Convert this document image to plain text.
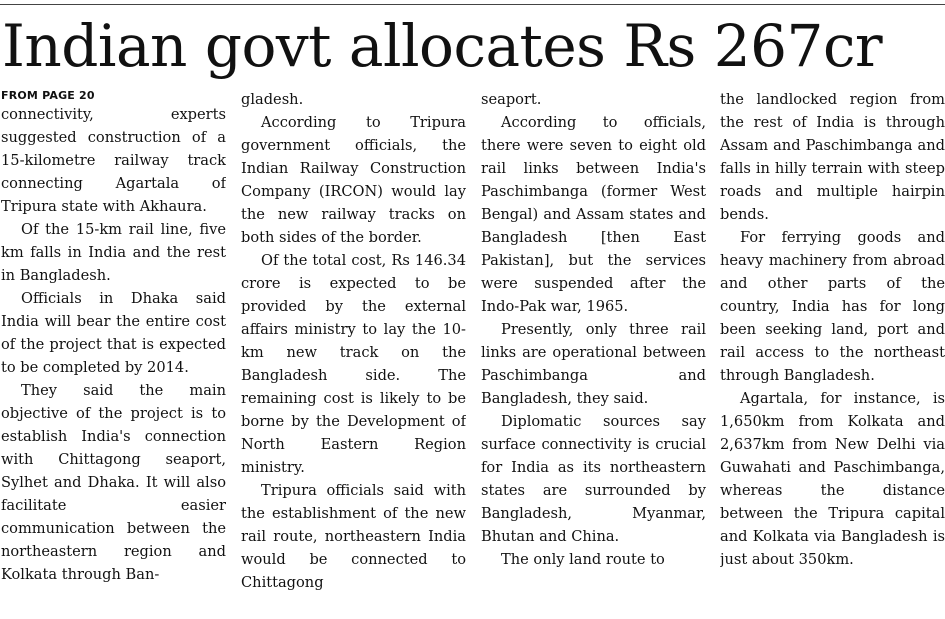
Indian govt allocates Rs 267cr
FROM PAGE 20

connectivity, experts suggested construction of a 15-kilometre railway track connecting Agartala of Tripura state with Akhaura.

Of the 15-km rail line, five km falls in India and the rest in Bangladesh.

Officials in Dhaka said India will bear the entire cost of the project that is expected to be completed by 2014.

They said the main objective of the project is to establish India's connection with Chittagong seaport, Sylhet and Dhaka. It will also facilitate easier communication between the northeastern region and Kolkata through Ban-

gladesh.

According to Tripura government officials, the Indian Railway Construction Company (IRCON) would lay the new railway tracks on both sides of the border.

Of the total cost, Rs 146.34 crore is expected to be provided by the external affairs ministry to lay the 10-km new track on the Bangladesh side. The remaining cost is likely to be borne by the Development of North Eastern Region ministry.

Tripura officials said with the establishment of the new rail route, northeastern India would be connected to Chittagong

seaport.

According to officials, there were seven to eight old rail links between India's Paschimbanga (former West Bengal) and Assam states and Bangladesh [then East Pakistan], but the services were suspended after the Indo-Pak war, 1965.

Presently, only three rail links are operational between Paschimbanga and Bangladesh, they said.

Diplomatic sources say surface connectivity is crucial for India as its northeastern states are surrounded by Bangladesh, Myanmar, Bhutan and China.

The only land route to

the landlocked region from the rest of India is through Assam and Paschimbanga and falls in hilly terrain with steep roads and multiple hairpin bends.

For ferrying goods and heavy machinery from abroad and other parts of the country, India has for long been seeking land, port and rail access to the northeast through Bangladesh.

Agartala, for instance, is 1,650km from Kolkata and 2,637km from New Delhi via Guwahati and Paschimbanga, whereas the distance between the Tripura capital and Kolkata via Bangladesh is just about 350km.
